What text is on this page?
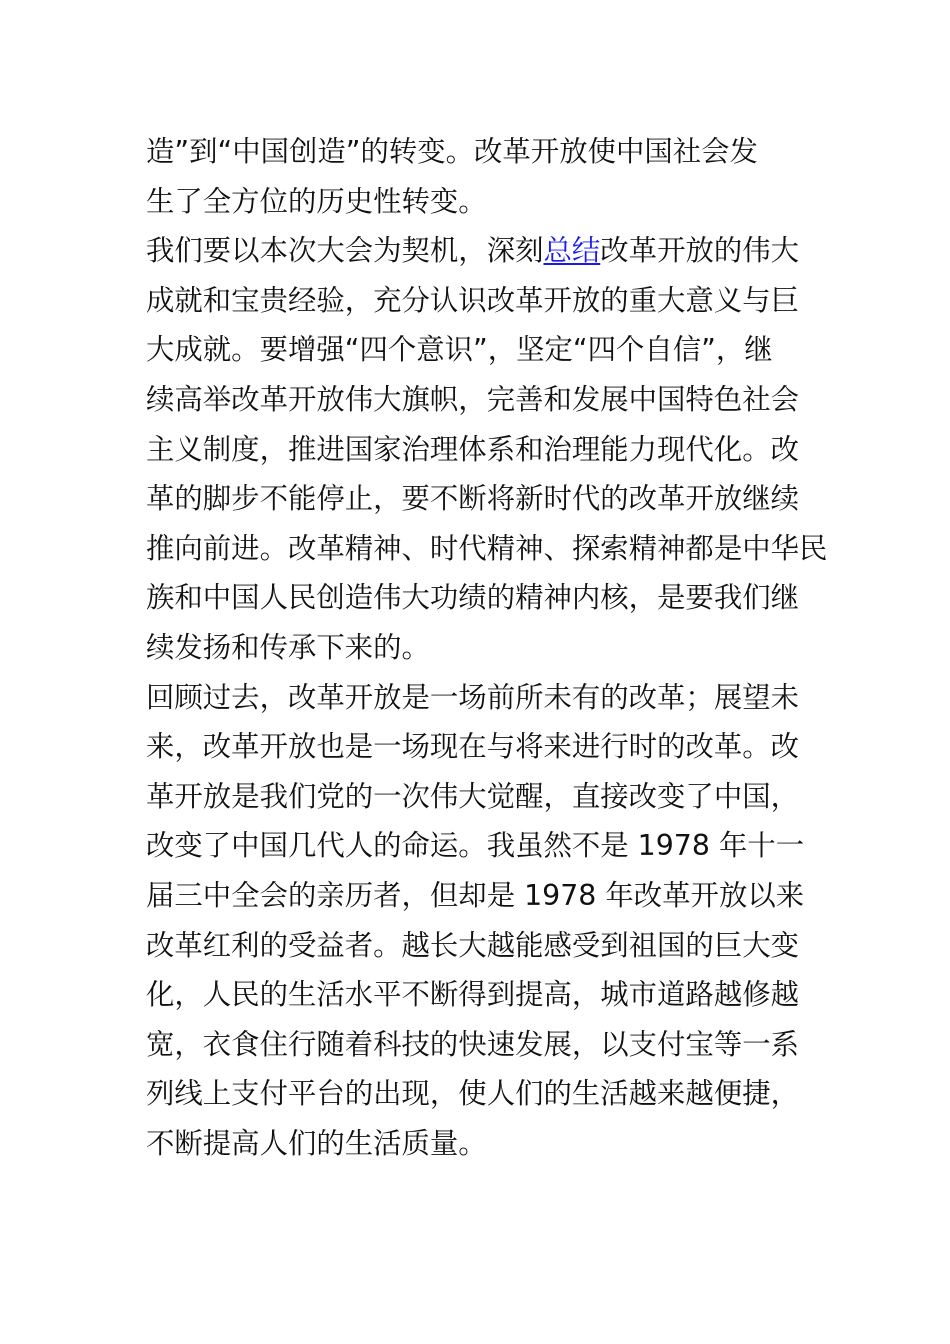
造”到“中国创造”的转变。改革开放使中国社会发
生了全方位的历史性转变。
我们要以本次大会为契机，深刻总结改革开放的伟大
成就和宝贵经验，充分认识改革开放的重大意义与巨
大成就。要增强“四个意识”，坚定“四个自信”，继
续高举改革开放伟大旗帜，完善和发展中国特色社会
主义制度，推进国家治理体系和治理能力现代化。改
革的脚步不能停止，要不断将新时代的改革开放继续
推向前进。改革精神、时代精神、探索精神都是中华民
族和中国人民创造伟大功绩的精神内核，是要我们继
续发扬和传承下来的。
回顾过去，改革开放是一场前所未有的改革；展望未
来，改革开放也是一场现在与将来进行时的改革。改
革开放是我们党的一次伟大觉醒，直接改变了中国，
改变了中国几代人的命运。我虽然不是 1978 年十一
届三中全会的亲历者，但却是 1978 年改革开放以来
改革红利的受益者。越长大越能感受到祖国的巨大变
化，人民的生活水平不断得到提高，城市道路越修越
宽，衣食住行随着科技的快速发展，以支付宝等一系
列线上支付平台的出现，使人们的生活越来越便捷，
不断提高人们的生活质量。
